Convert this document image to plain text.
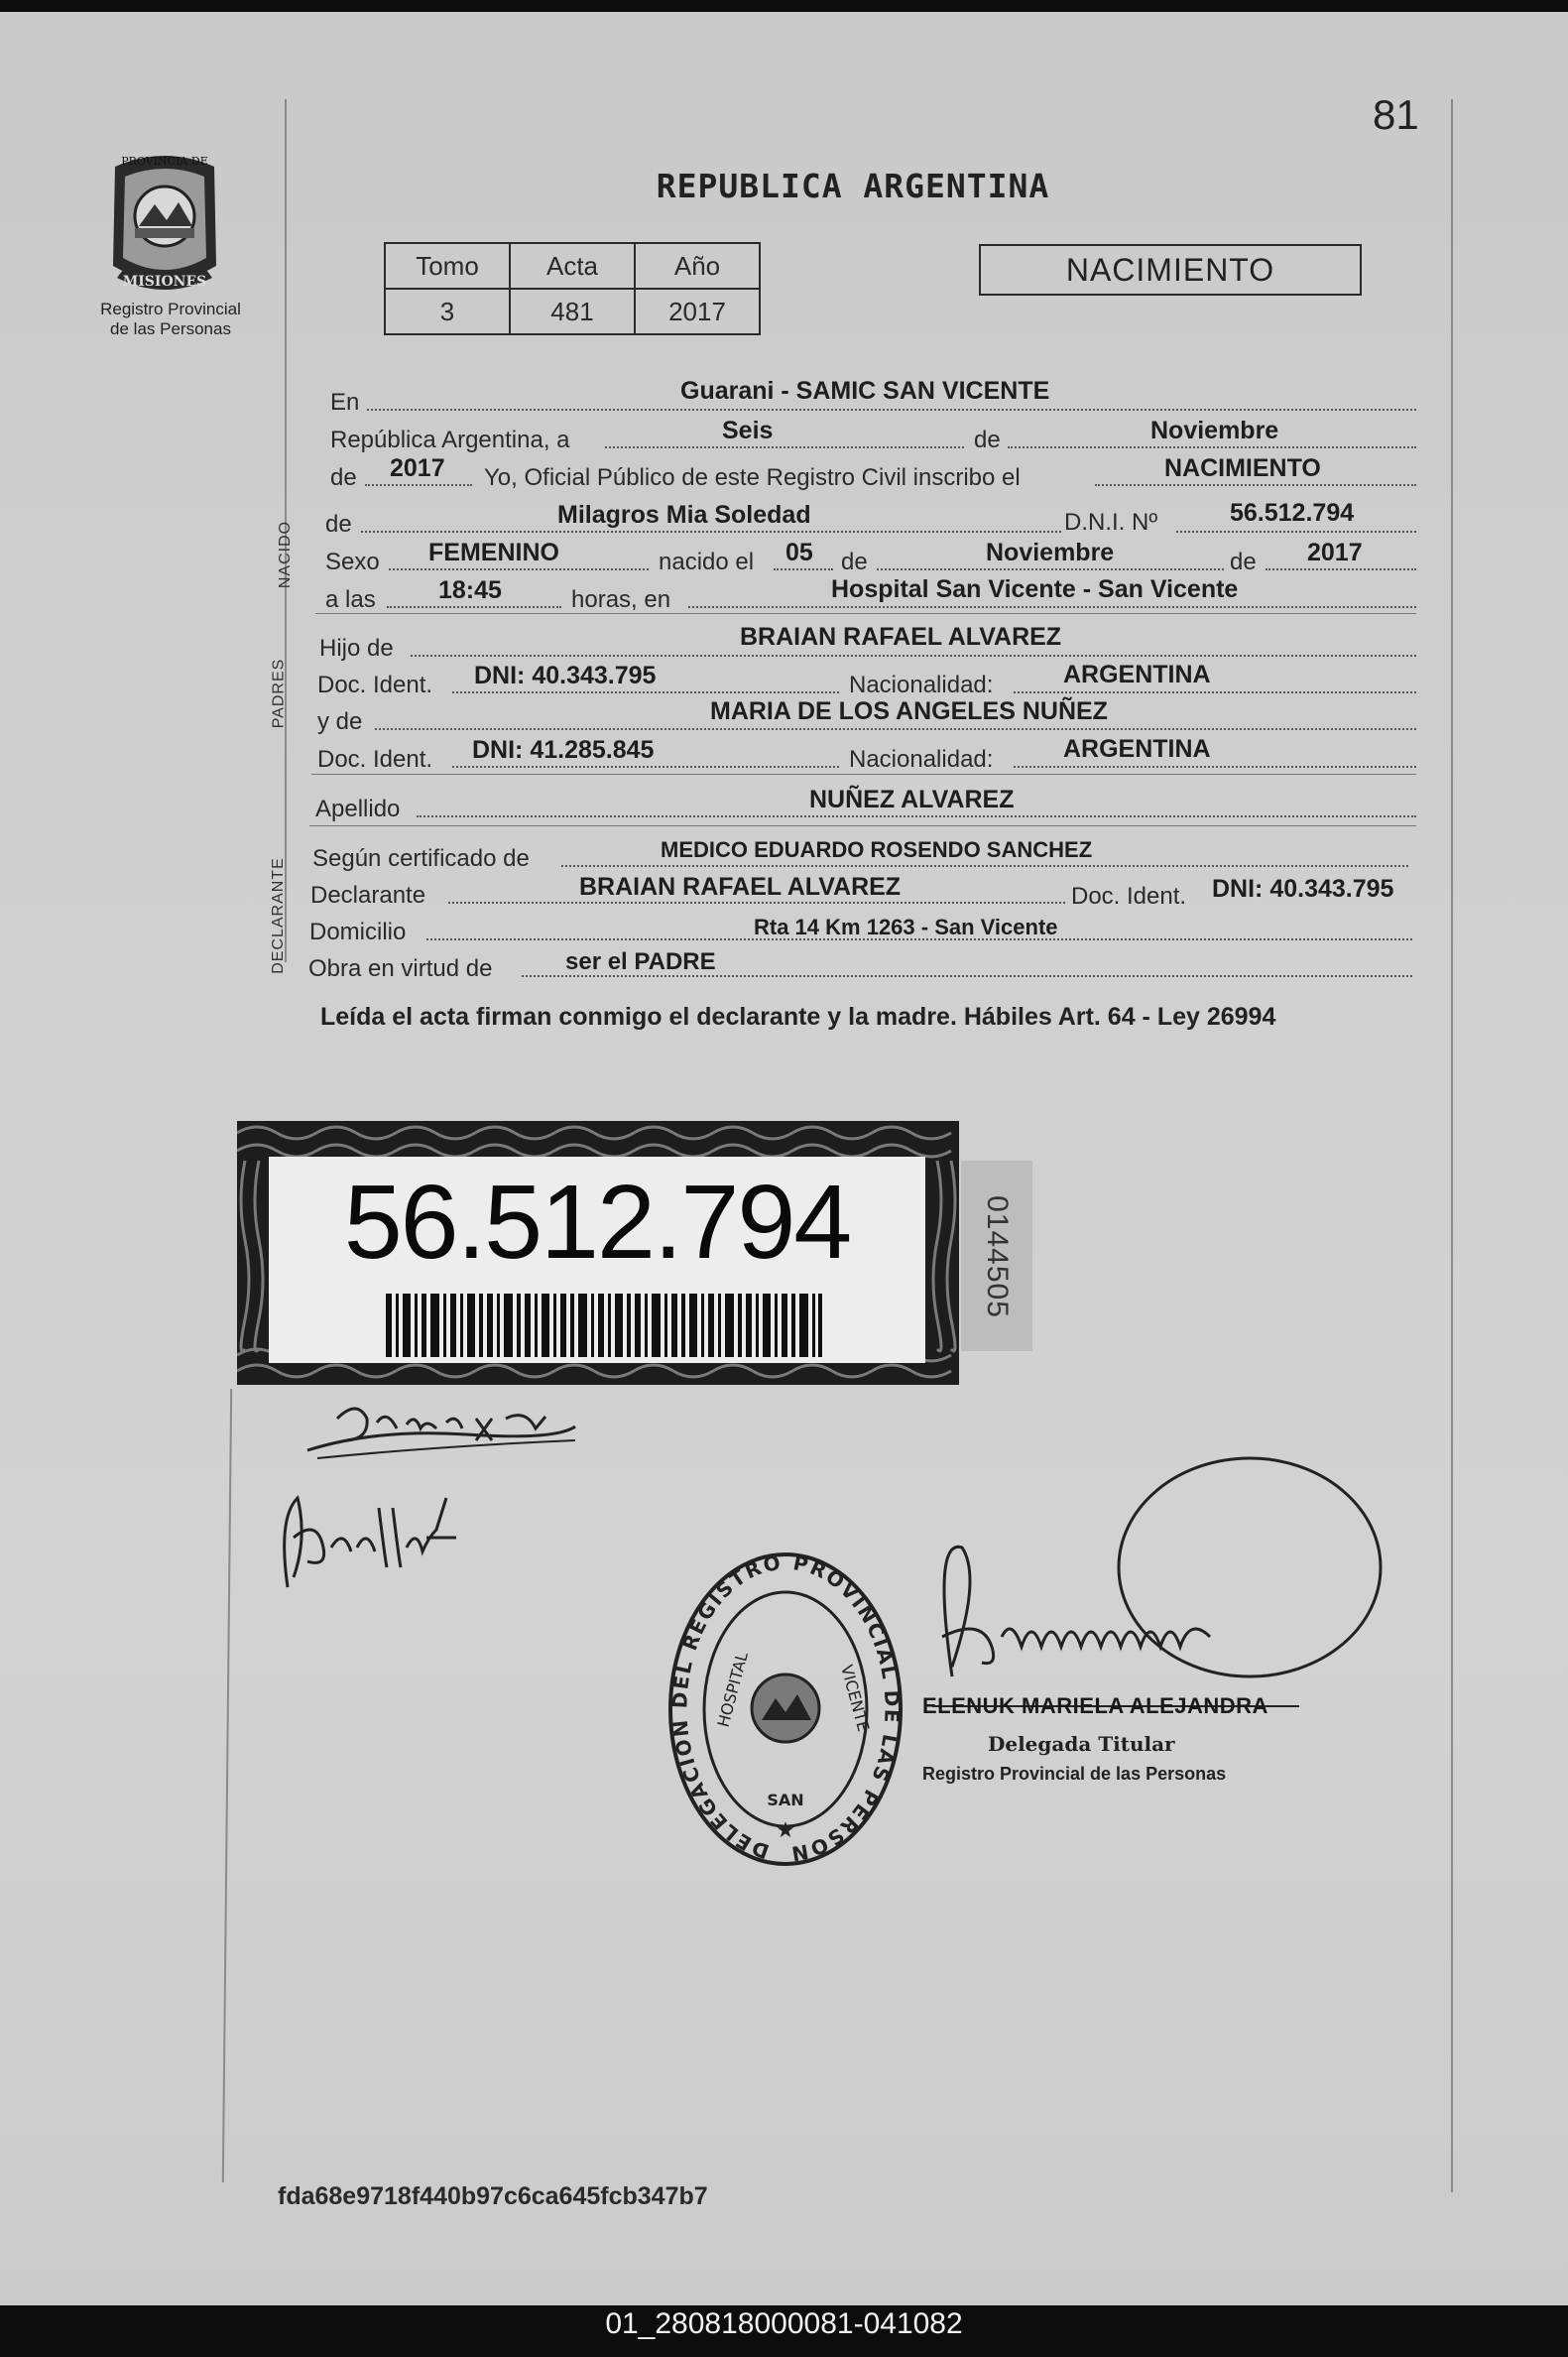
81
PROVINCIA DE
MISIONES
Registro Provincial
de las Personas
REPUBLICA ARGENTINA
Tomo	Acta	Año
3	481	2017
NACIMIENTO
En	Guarani - SAMIC SAN VICENTE
República Argentina, a	Seis	de	Noviembre
de 2017 Yo, Oficial Público de este Registro Civil inscribo el	NACIMIENTO
NACIDO de	Milagros Mia Soledad	D.N.I. Nº	56.512.794
Sexo FEMENINO	nacido el 05 de	Noviembre	de 2017
a las	18:45	horas, en	Hospital San Vicente - San Vicente
PADRES
Hijo de	BRAIAN RAFAEL ALVAREZ
Doc. Ident. DNI: 40.343.795	Nacionalidad:	ARGENTINA
y de	MARIA DE LOS ANGELES NUÑEZ
Doc. Ident. DNI: 41.285.845	Nacionalidad:	ARGENTINA
Apellido	NUÑEZ ALVAREZ
DECLARANTE Según certificado de	MEDICO EDUARDO ROSENDO SANCHEZ
Declarante	BRAIAN RAFAEL ALVAREZ	Doc. Ident. DNI: 40.343.795
Domicilio	Rta 14 Km 1263 - San Vicente
Obra en virtud de	ser el PADRE
Leída el acta firman conmigo el declarante y la madre. Hábiles Art. 64 - Ley 26994
56.512.794	0144505
DELEGACIÓN DEL REGISTRO PROVINCIAL DE LAS PERSON
HOSPITAL	VICENTE
SAN
★
ELENUK MARIELA ALEJANDRA
Delegada Titular
Registro Provincial de las Personas
fda68e9718f440b97c6ca645fcb347b7
01_280818000081-041082
